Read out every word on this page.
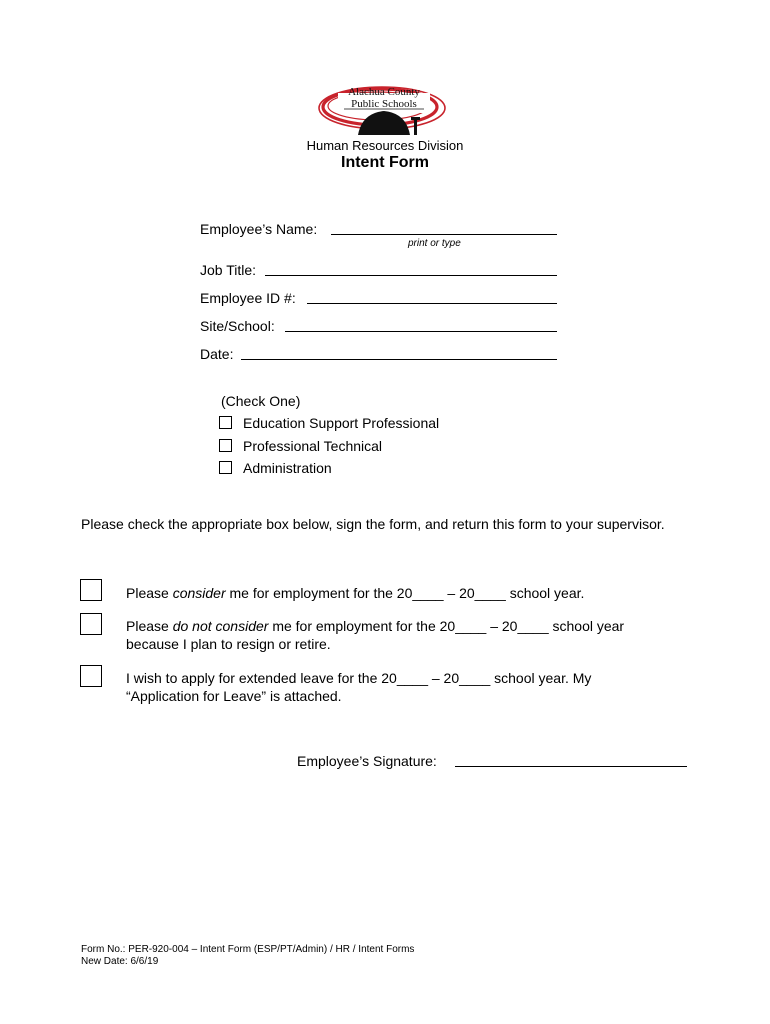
Alachua County
Public Schools
Human Resources Division
Intent Form
Employee’s Name:
print or type
Job Title:
Employee ID #:
Site/School:
Date:
(Check One)
Education Support Professional
Professional Technical
Administration
Please check the appropriate box below, sign the form, and return this form to your supervisor.
Please consider me for employment for the 20____ – 20____ school year.
Please do not consider me for employment for the 20____ – 20____ school year
because I plan to resign or retire.
I wish to apply for extended leave for the 20____ – 20____ school year. My
“Application for Leave” is attached.
Employee’s Signature:
Form No.: PER-920-004 – Intent Form (ESP/PT/Admin) / HR / Intent Forms
New Date: 6/6/19
